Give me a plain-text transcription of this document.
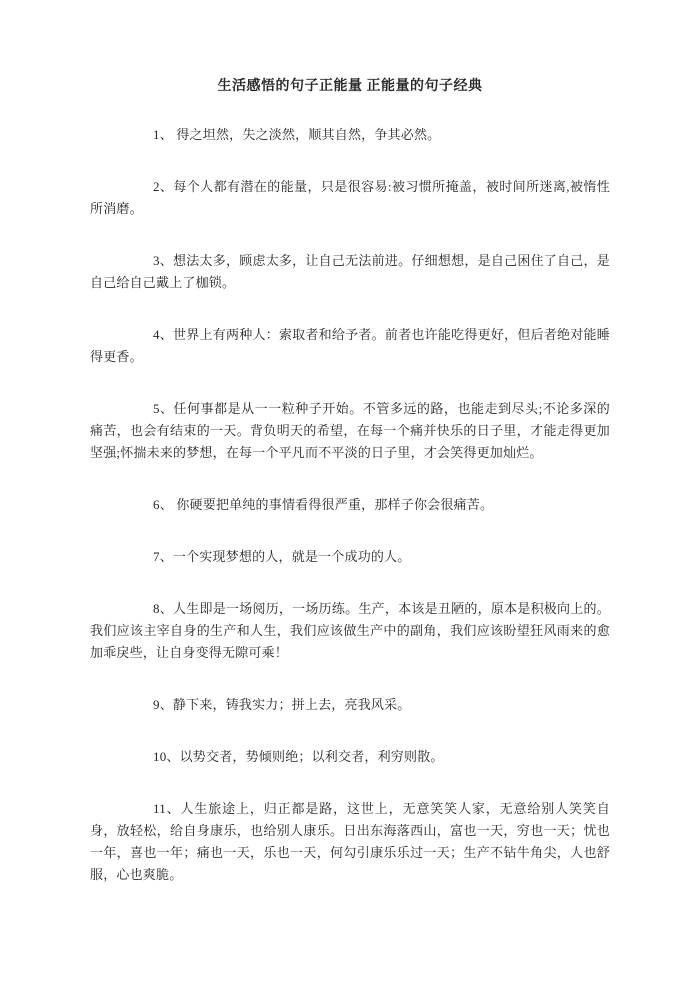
生活感悟的句子正能量 正能量的句子经典

1、 得之坦然，失之淡然，顺其自然，争其必然。

2、每个人都有潜在的能量，只是很容易:被习惯所掩盖，被时间所迷离,被惰性所消磨。

3、想法太多，顾虑太多，让自己无法前进。仔细想想，是自己困住了自己，是自己给自己戴上了枷锁。

4、世界上有两种人：索取者和给予者。前者也许能吃得更好，但后者绝对能睡得更香。

5、任何事都是从一一粒种子开始。不管多远的路，也能走到尽头;不论多深的痛苦，也会有结束的一天。背负明天的希望，在每一个痛并快乐的日子里，才能走得更加坚强;怀揣未来的梦想，在每一个平凡而不平淡的日子里，才会笑得更加灿烂。

6、 你硬要把单纯的事情看得很严重，那样子你会很痛苦。

7、一个实现梦想的人，就是一个成功的人。

8、人生即是一场阅历，一场历练。生产，本该是丑陋的，原本是积极向上的。我们应该主宰自身的生产和人生，我们应该做生产中的副角，我们应该盼望狂风雨来的愈加乖戾些，让自身变得无隙可乘！

9、静下来，铸我实力；拼上去，亮我风采。

10、以势交者，势倾则绝；以利交者，利穷则散。

11、人生旅途上，归正都是路，这世上，无意笑笑人家，无意给别人笑笑自身，放轻松，给自身康乐，也给别人康乐。日出东海落西山，富也一天，穷也一天；忧也一年，喜也一年；痛也一天，乐也一天，何勾引康乐乐过一天；生产不钻牛角尖，人也舒服，心也爽脆。
